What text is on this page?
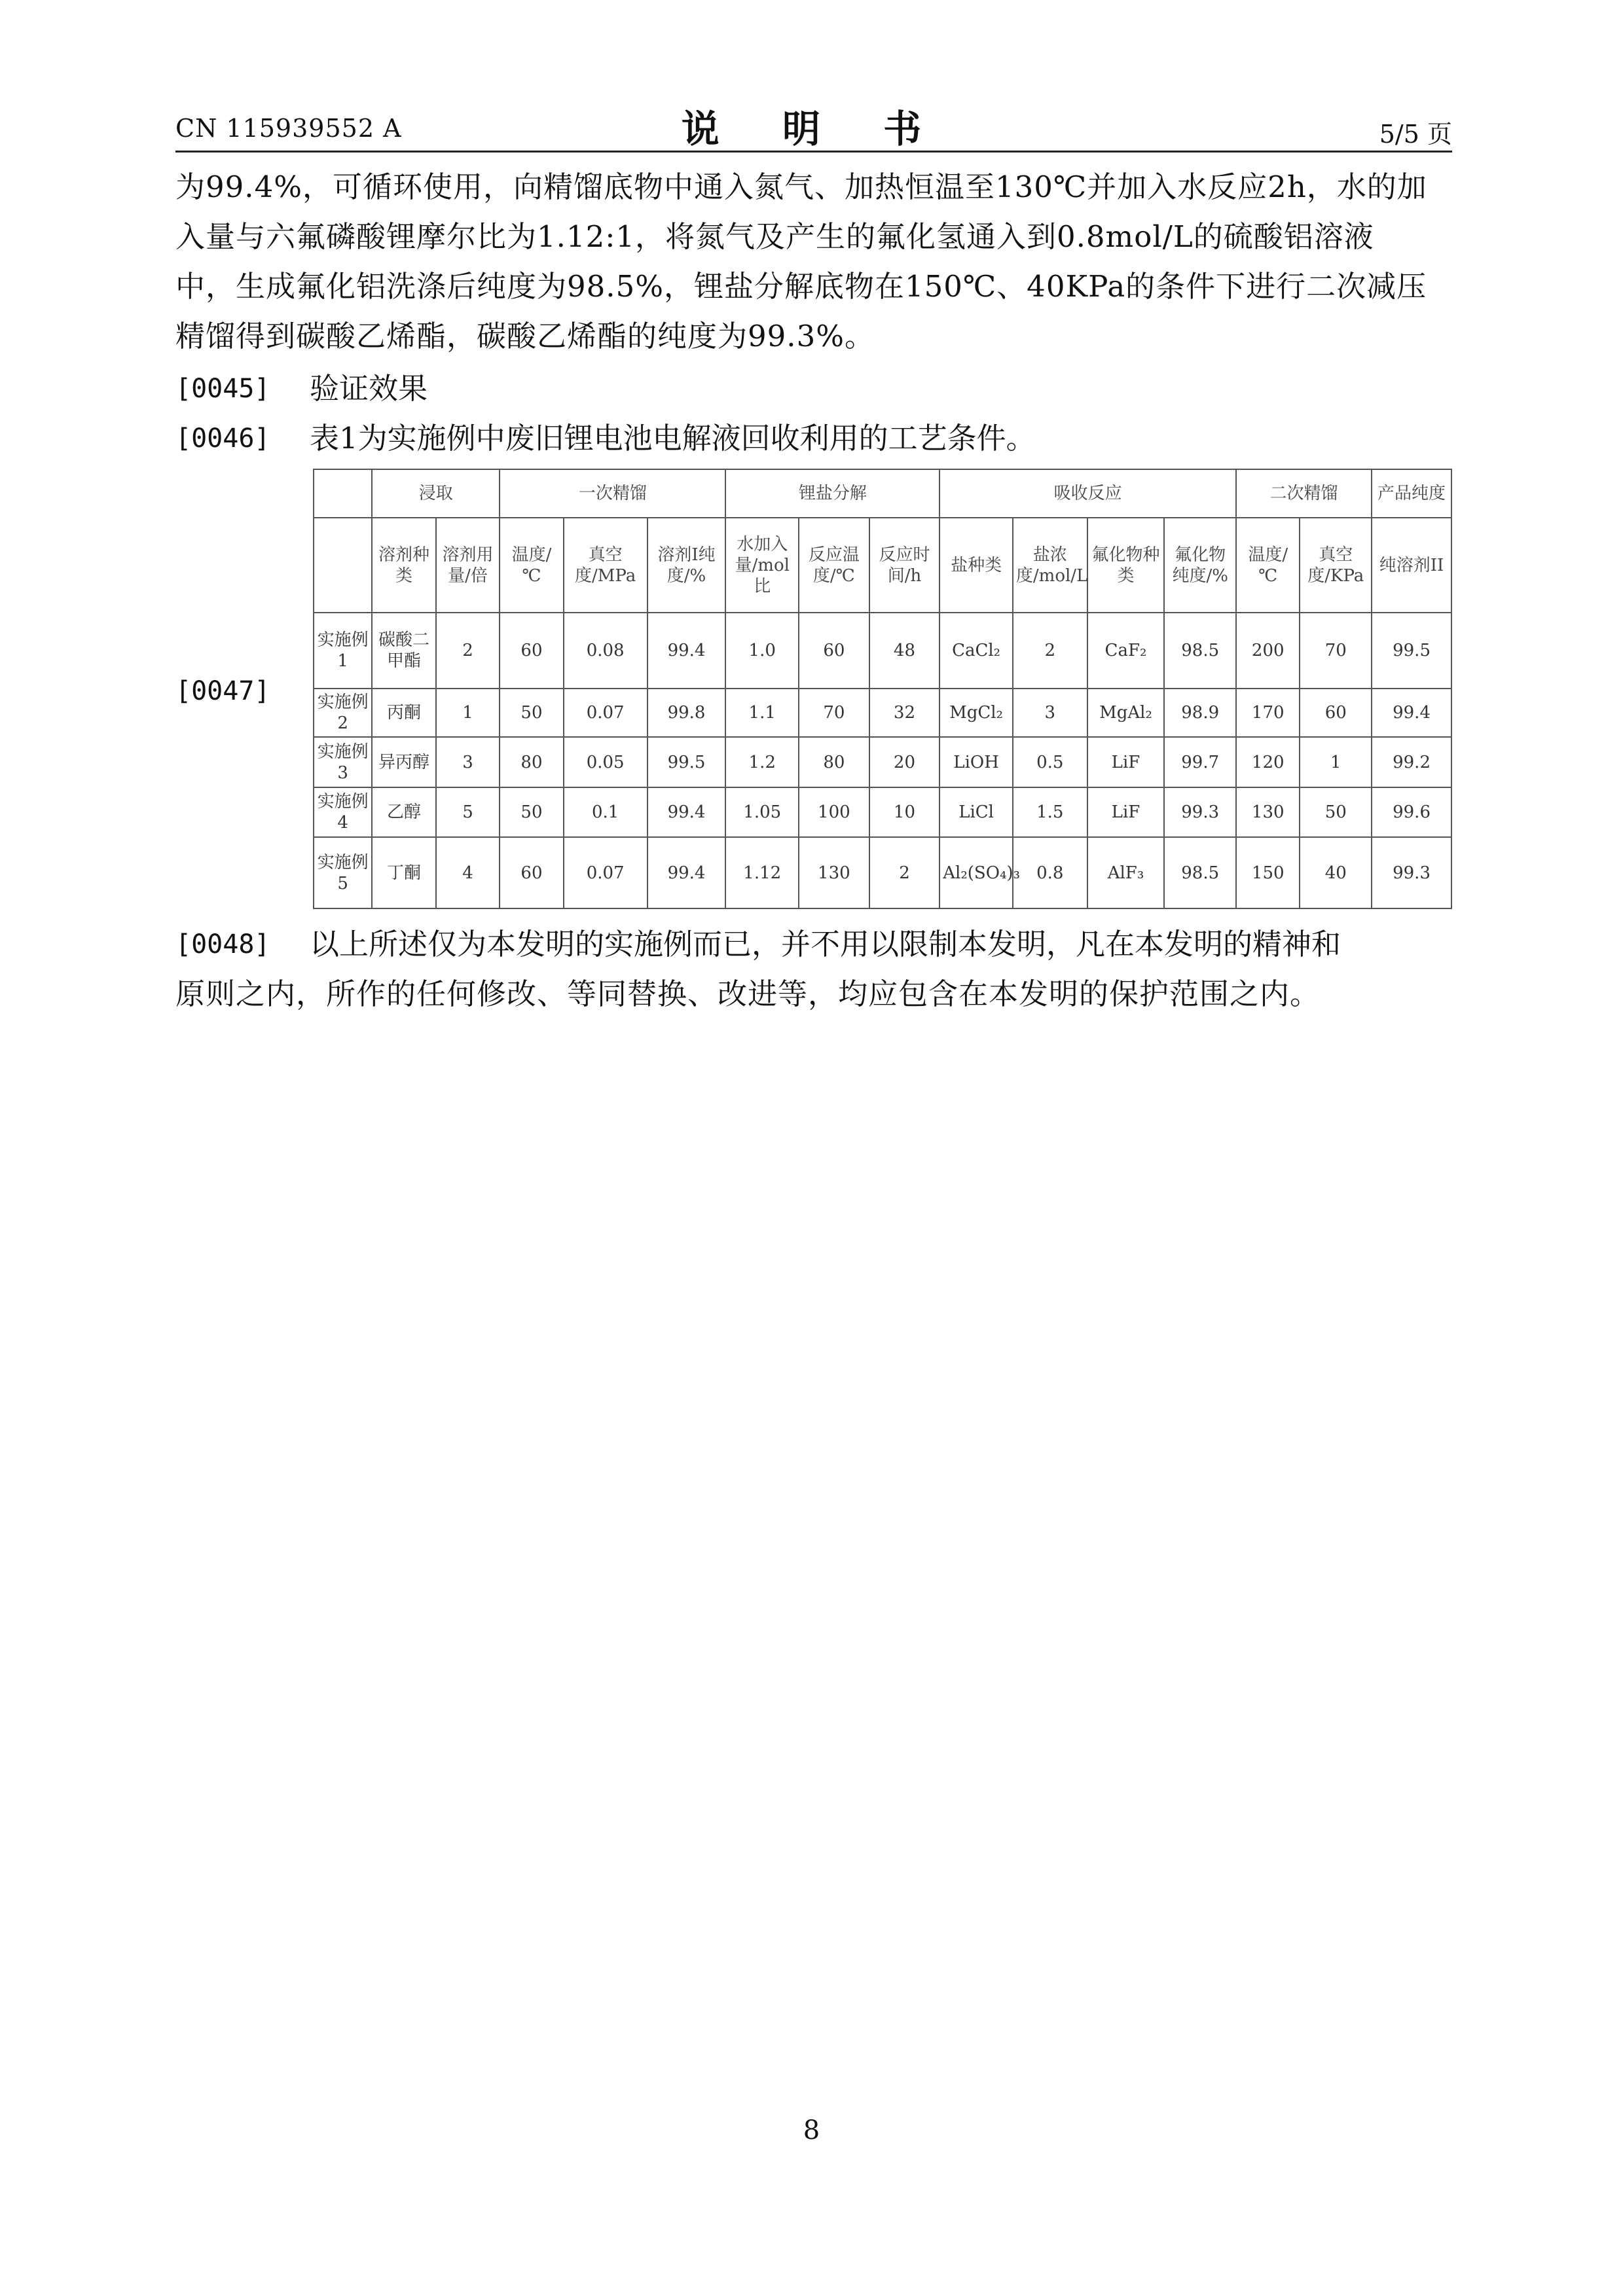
CN 115939552 A	说 明 书	5/5 页
为99.4%，可循环使用，向精馏底物中通入氮气、加热恒温至130℃并加入水反应2h，水的加
入量与六氟磷酸锂摩尔比为1.12:1，将氮气及产生的氟化氢通入到0.8mol/L的硫酸铝溶液
中，生成氟化铝洗涤后纯度为98.5%，锂盐分解底物在150℃、40KPa的条件下进行二次减压
精馏得到碳酸乙烯酯，碳酸乙烯酯的纯度为99.3%。
[0045] 验证效果
[0046] 表1为实施例中废旧锂电池电解液回收利用的工艺条件。
[0047]
	浸取		一次精馏			锂盐分解			吸收反应				二次精馏		产品纯度
	溶剂种类	溶剂用量/倍	温度/℃	真空度/MPa	溶剂I纯度/%	水加入量/mol比	反应温度/℃	反应时间/h	盐种类	盐浓度/mol/L	氟化物种类	氟化物纯度/%	温度/℃	真空度/KPa	纯溶剂II
实施例1	碳酸二甲酯	2	60	0.08	99.4	1.0	60	48	CaCl₂	2	CaF₂	98.5	200	70	99.5
实施例2	丙酮	1	50	0.07	99.8	1.1	70	32	MgCl₂	3	MgAl₂	98.9	170	60	99.4
实施例3	异丙醇	3	80	0.05	99.5	1.2	80	20	LiOH	0.5	LiF	99.7	120	1	99.2
实施例4	乙醇	5	50	0.1	99.4	1.05	100	10	LiCl	1.5	LiF	99.3	130	50	99.6
实施例5	丁酮	4	60	0.07	99.4	1.12	130	2	Al₂(SO₄)₃	0.8	AlF₃	98.5	150	40	99.3
[0048] 以上所述仅为本发明的实施例而已，并不用以限制本发明，凡在本发明的精神和
原则之内，所作的任何修改、等同替换、改进等，均应包含在本发明的保护范围之内。
8
